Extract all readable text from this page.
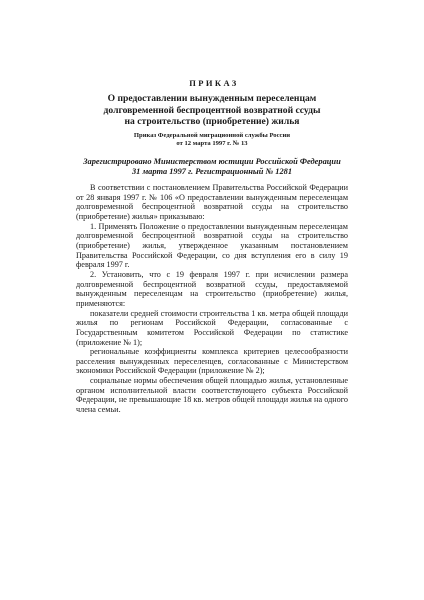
ПРИКАЗ
О предоставлении вынужденным переселенцам
долговременной беспроцентной возвратной ссуды
на строительство (приобретение) жилья
Приказ Федеральной миграционной службы России
от 12 марта 1997 г. № 13
Зарегистрировано Министерством юстиции Российской Федерации
31 марта 1997 г. Регистрационный № 1281

В соответствии с постановлением Правительства Российской Федерации от 28 января 1997 г. № 106 «О предоставлении вынужденным переселенцам долговременной беспроцентной возвратной ссуды на строительство (приобретение) жилья» приказываю:

1. Применять Положение о предоставлении вынужденным переселенцам долговременной беспроцентной возвратной ссуды на строительство (приобретение) жилья, утвержденное указанным постановлением Правительства Российской Федерации, со дня вступления его в силу 19 февраля 1997 г.

2. Установить, что с 19 февраля 1997 г. при исчислении размера долговременной беспроцентной возвратной ссуды, предоставляемой вынужденным переселенцам на строительство (приобретение) жилья, применяются:

показатели средней стоимости строительства 1 кв. метра общей площади жилья по регионам Российской Федерации, согласованные с Государственным комитетом Российской Федерации по статистике (приложение № 1);

региональные коэффициенты комплекса критериев целесообразности расселения вынужденных переселенцев, согласованные с Министерством экономики Российской Федерации (приложение № 2);

социальные нормы обеспечения общей площадью жилья, установленные органом исполнительной власти соответствующего субъекта Российской Федерации, не превышающие 18 кв. метров общей площади жилья на одного члена семьи.
